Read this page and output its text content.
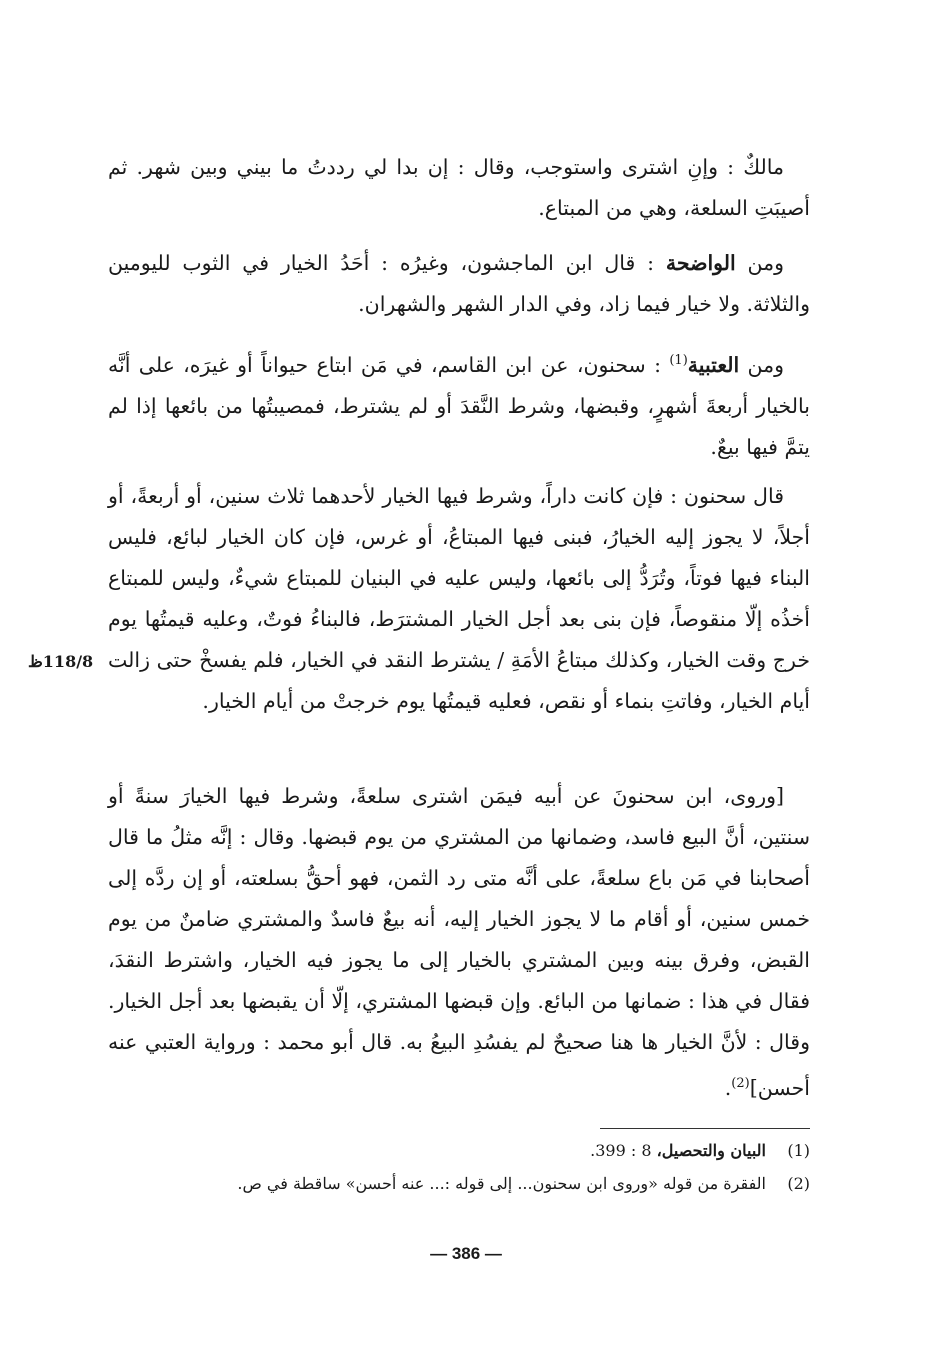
مالكٌ : وإنِ اشترى واستوجب، وقال : إن بدا لي رددتُ ما بيني وبين شهر. ثم أصيبَتِ السلعة، وهي من المبتاع.

ومن الواضحة : قال ابن الماجشون، وغيرُه : أحَدُ الخيار في الثوب لليومين والثلاثة. ولا خيار فيما زاد، وفي الدار الشهر والشهران.

ومن العتبية$^{(1)}$ : سحنون، عن ابن القاسم، في مَن ابتاع حيواناً أو غيرَه، على أنَّه بالخيار أربعةَ أشهرٍ، وقبضها، وشرط النَّقدَ أو لم يشترط، فمصيبتُها من بائعها إذا لم يتمَّ فيها بيعٌ.

قال سحنون : فإن كانت داراً، وشرط فيها الخيار لأحدهما ثلاث سنين، أو أربعةً، أو أجلاً، لا يجوز إليه الخيارُ، فبنى فيها المبتاعُ، أو غرس، فإن كان الخيار لبائع، فليس البناء فيها فوتاً، وتُرَدُّ إلى بائعها، وليس عليه في البنيان للمبتاع شيءٌ، وليس للمبتاع أخذُه إلّا منقوصاً، فإن بنى بعد أجل الخيار المشترَط، فالبناءُ فوتٌ، وعليه قيمتُها يوم خرج وقت الخيار، وكذلك مبتاعُ الأمَةِ / يشترط النقد في الخيار، فلم يفسخْ حتى زالت أيام الخيار، وفاتتِ بنماء أو نقص، فعليه قيمتُها يوم خرجتْ من أيام الخيار.

118/8ظ

[وروى، ابن سحنونَ عن أبيه فيمَن اشترى سلعةً، وشرط فيها الخيارَ سنةً أو سنتين، أنَّ البيع فاسد، وضمانها من المشتري من يوم قبضها. وقال : إنَّه مثلُ ما قال أصحابنا في مَن باع سلعةً، على أنَّه متى رد الثمن، فهو أحقُّ بسلعته، أو إن ردَّه إلى خمس سنين، أو أقام ما لا يجوز الخيار إليه، أنه بيعٌ فاسدٌ والمشتري ضامنٌ من يوم القبض، وفرق بينه وبين المشتري بالخيار إلى ما يجوز فيه الخيار، واشترط النقدَ، فقال في هذا : ضمانها من البائع. وإن قبضها المشتري، إلّا أن يقبضها بعد أجل الخيار. وقال : لأنَّ الخيار ها هنا صحيحٌ لم يفسُدِ البيعُ به. قال أبو محمد : ورواية العتبي عنه أحسن]$^{(2)}$.

(1)البيان والتحصيل، 8 : 399.
(2)الفقرة من قوله «وروى ابن سحنون... إلى قوله :... عنه أحسن» ساقطة في ص.
— 386 —
